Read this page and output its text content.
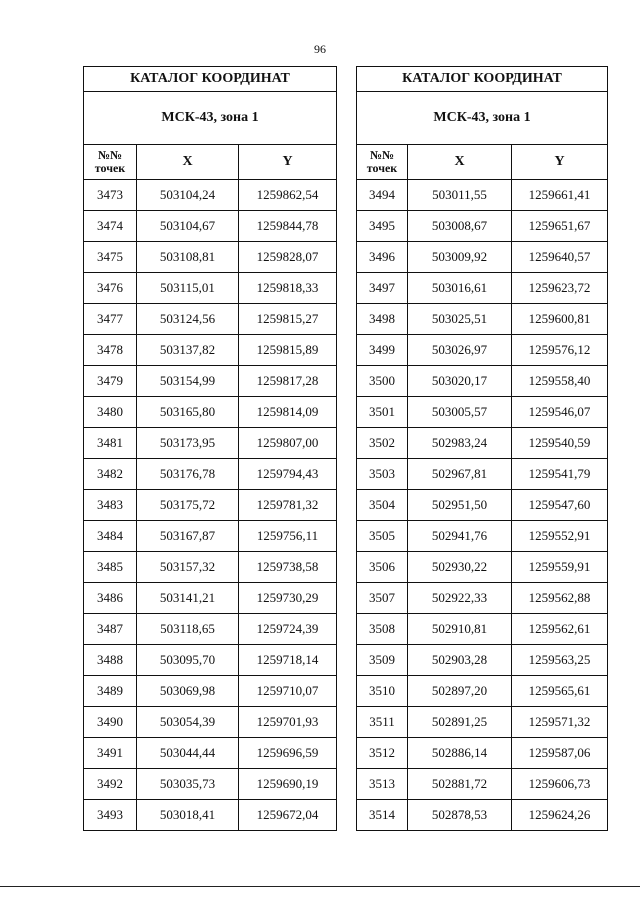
96
КАТАЛОГ КООРДИНАТ		
МСК-43, зона 1		
№№
точек	X	Y
3473	503104,24	1259862,54
3474	503104,67	1259844,78
3475	503108,81	1259828,07
3476	503115,01	1259818,33
3477	503124,56	1259815,27
3478	503137,82	1259815,89
3479	503154,99	1259817,28
3480	503165,80	1259814,09
3481	503173,95	1259807,00
3482	503176,78	1259794,43
3483	503175,72	1259781,32
3484	503167,87	1259756,11
3485	503157,32	1259738,58
3486	503141,21	1259730,29
3487	503118,65	1259724,39
3488	503095,70	1259718,14
3489	503069,98	1259710,07
3490	503054,39	1259701,93
3491	503044,44	1259696,59
3492	503035,73	1259690,19
3493	503018,41	1259672,04
КАТАЛОГ КООРДИНАТ		
МСК-43, зона 1		
№№
точек	X	Y
3494	503011,55	1259661,41
3495	503008,67	1259651,67
3496	503009,92	1259640,57
3497	503016,61	1259623,72
3498	503025,51	1259600,81
3499	503026,97	1259576,12
3500	503020,17	1259558,40
3501	503005,57	1259546,07
3502	502983,24	1259540,59
3503	502967,81	1259541,79
3504	502951,50	1259547,60
3505	502941,76	1259552,91
3506	502930,22	1259559,91
3507	502922,33	1259562,88
3508	502910,81	1259562,61
3509	502903,28	1259563,25
3510	502897,20	1259565,61
3511	502891,25	1259571,32
3512	502886,14	1259587,06
3513	502881,72	1259606,73
3514	502878,53	1259624,26
